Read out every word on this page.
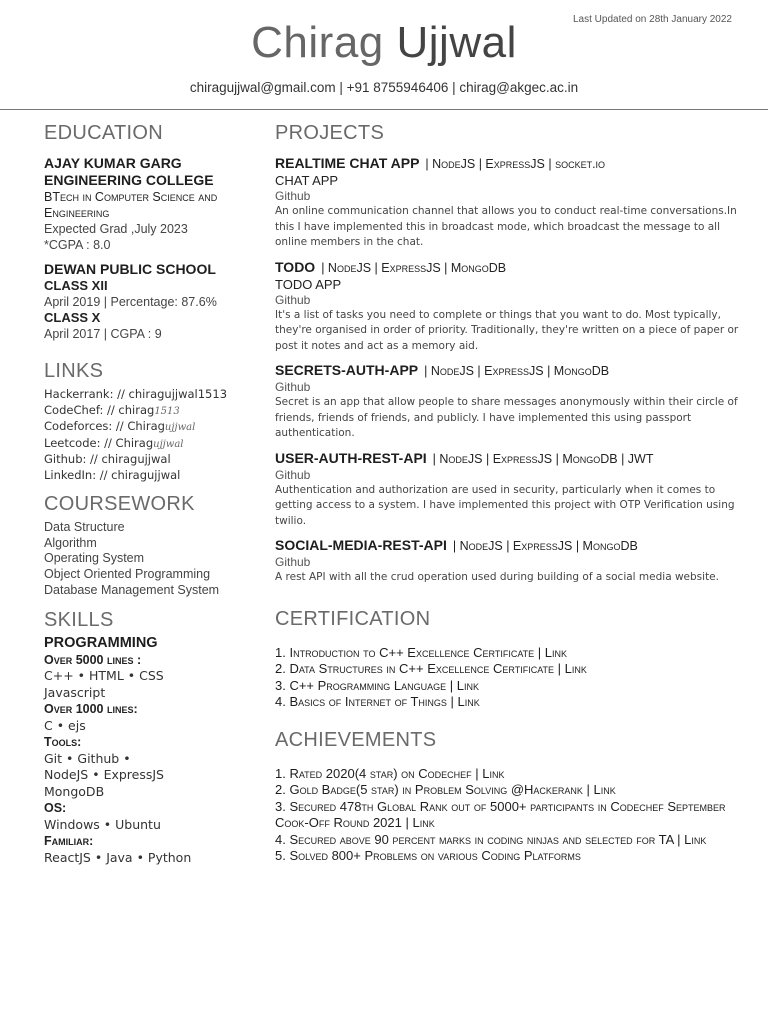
Last Updated on 28th January 2022
Chirag Ujjwal
chiragujjwal@gmail.com | +91 8755946406 | chirag@akgec.ac.in
EDUCATION
AJAY KUMAR GARG ENGINEERING COLLEGE
BTech in Computer Science and Engineering
Expected Grad ,July 2023
*CGPA : 8.0
DEWAN PUBLIC SCHOOL
CLASS XII
April 2019 | Percentage: 87.6%
CLASS X
April 2017 | CGPA : 9
LINKS
Hackerrank: // chiragujjwal1513
CodeChef: // chirag1513
Codeforces: // Chiragujjwal
Leetcode: // Chiragujjwal
Github: // chiragujjwal
LinkedIn: // chiragujjwal
COURSEWORK
Data Structure
Algorithm
Operating System
Object Oriented Programming
Database Management System
SKILLS
PROGRAMMING
Over 5000 lines :
C++ • HTML • CSS
Javascript
Over 1000 lines:
C • ejs
Tools:
Git • Github •
NodeJS • ExpressJS
MongoDB
OS:
Windows • Ubuntu
Familiar:
ReactJS • Java • Python
PROJECTS
REALTIME CHAT APP | NodeJS | ExpressJS | socket.io
CHAT APP
Github
An online communication channel that allows you to conduct real-time conversations.In this I have implemented this in broadcast mode, which broadcast the message to all online members in the chat.
TODO | NodeJS | ExpressJS | MongoDB
TODO APP
Github
It's a list of tasks you need to complete or things that you want to do. Most typically, they're organised in order of priority. Traditionally, they're written on a piece of paper or post it notes and act as a memory aid.
SECRETS-AUTH-APP | NodeJS | ExpressJS | MongoDB
Github
Secret is an app that allow people to share messages anonymously within their circle of friends, friends of friends, and publicly. I have implemented this using passport authentication.
USER-AUTH-REST-API | NodeJS | ExpressJS | MongoDB | JWT
Github
Authentication and authorization are used in security, particularly when it comes to getting access to a system. I have implemented this project with OTP Verification using twilio.
SOCIAL-MEDIA-REST-API | NodeJS | ExpressJS | MongoDB
Github
A rest API with all the crud operation used during building of a social media website.
CERTIFICATION
1. Introduction to C++ Excellence Certificate | Link
2. Data Structures in C++ Excellence Certificate | Link
3. C++ Programming Language | Link
4. Basics of Internet of Things | Link
ACHIEVEMENTS
1. Rated 2020(4 star) on Codechef | Link
2. Gold Badge(5 star) in Problem Solving @Hackerank | Link
3. Secured 478th Global Rank out of 5000+ participants in Codechef September Cook-Off Round 2021 | Link
4. Secured above 90 percent marks in coding ninjas and selected for TA | Link
5. Solved 800+ Problems on various Coding Platforms
